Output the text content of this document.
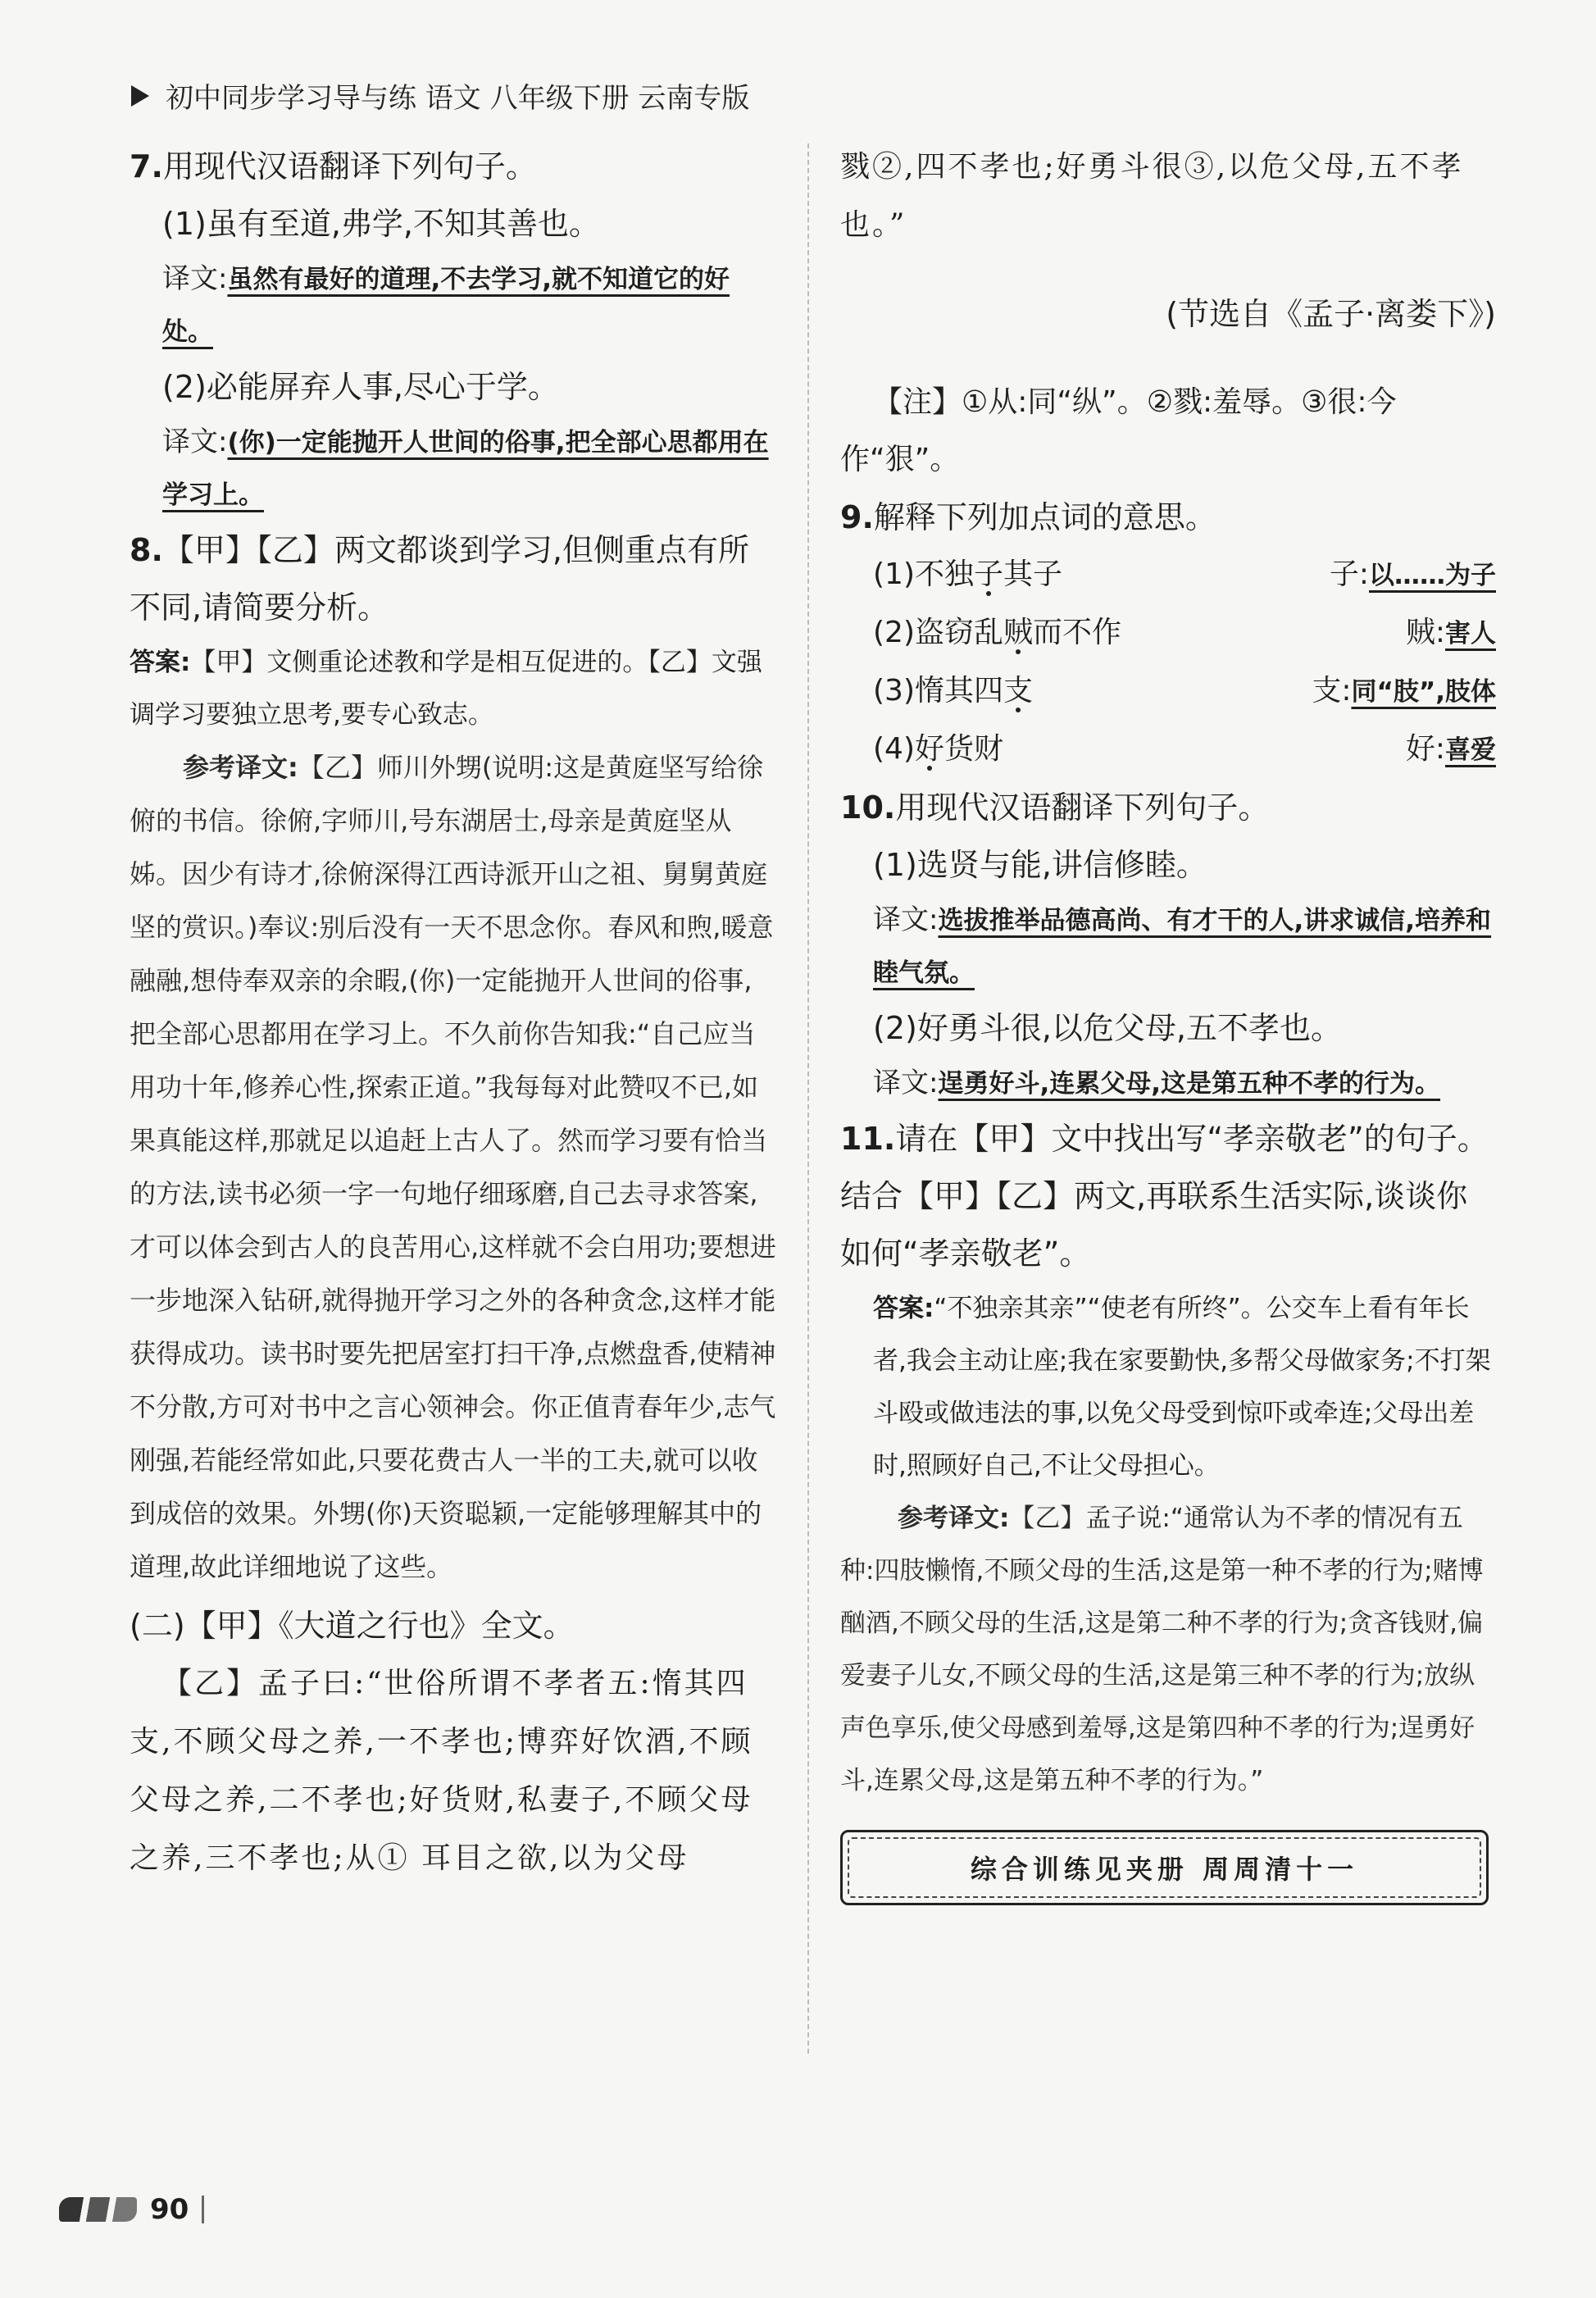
初中同步学习导与练 语文 八年级下册 云南专版
7.用现代汉语翻译下列句子。
(1)虽有至道,弗学,不知其善也。
译文:虽然有最好的道理,不去学习,就不知道它的好处。
(2)必能屏弃人事,尽心于学。
译文:(你)一定能抛开人世间的俗事,把全部心思都用在学习上。
8.【甲】【乙】两文都谈到学习,但侧重点有所不同,请简要分析。
答案:【甲】文侧重论述教和学是相互促进的。【乙】文强调学习要独立思考,要专心致志。

参考译文:【乙】师川外甥(说明:这是黄庭坚写给徐俯的书信。徐俯,字师川,号东湖居士,母亲是黄庭坚从姊。因少有诗才,徐俯深得江西诗派开山之祖、舅舅黄庭坚的赏识。)奉议:别后没有一天不思念你。春风和煦,暖意融融,想侍奉双亲的余暇,(你)一定能抛开人世间的俗事,把全部心思都用在学习上。不久前你告知我:“自己应当用功十年,修养心性,探索正道。”我每每对此赞叹不已,如果真能这样,那就足以追赶上古人了。然而学习要有恰当的方法,读书必须一字一句地仔细琢磨,自己去寻求答案,才可以体会到古人的良苦用心,这样就不会白用功;要想进一步地深入钻研,就得抛开学习之外的各种贪念,这样才能获得成功。读书时要先把居室打扫干净,点燃盘香,使精神不分散,方可对书中之言心领神会。你正值青春年少,志气刚强,若能经常如此,只要花费古人一半的工夫,就可以收到成倍的效果。外甥(你)天资聪颖,一定能够理解其中的道理,故此详细地说了这些。

(二)【甲】《大道之行也》全文。

【乙】孟子曰:“世俗所谓不孝者五:惰其四支,不顾父母之养,一不孝也;博弈好饮酒,不顾父母之养,二不孝也;好货财,私妻子,不顾父母之养,三不孝也;从① 耳目之欲,以为父母

戮②,四不孝也;好勇斗很③,以危父母,五不孝也。”

(节选自《孟子·离娄下》)

【注】①从:同“纵”。②戮:羞辱。③很:今作“狠”。

9.解释下列加点词的意思。
(1)不独子其子	子:以……为子
(2)盗窃乱贼而不作	贼:害人
(3)惰其四支	支:同“肢”,肢体
(4)好货财	好:喜爱
10.用现代汉语翻译下列句子。
(1)选贤与能,讲信修睦。
译文:选拔推举品德高尚、有才干的人,讲求诚信,培养和睦气氛。
(2)好勇斗很,以危父母,五不孝也。
译文:逞勇好斗,连累父母,这是第五种不孝的行为。
11.请在【甲】文中找出写“孝亲敬老”的句子。结合【甲】【乙】两文,再联系生活实际,谈谈你如何“孝亲敬老”。
答案:“不独亲其亲”“使老有所终”。公交车上看有年长者,我会主动让座;我在家要勤快,多帮父母做家务;不打架斗殴或做违法的事,以免父母受到惊吓或牵连;父母出差时,照顾好自己,不让父母担心。

参考译文:【乙】孟子说:“通常认为不孝的情况有五种:四肢懒惰,不顾父母的生活,这是第一种不孝的行为;赌博酗酒,不顾父母的生活,这是第二种不孝的行为;贪吝钱财,偏爱妻子儿女,不顾父母的生活,这是第三种不孝的行为;放纵声色享乐,使父母感到羞辱,这是第四种不孝的行为;逞勇好斗,连累父母,这是第五种不孝的行为。”

综合训练见夹册 周周清十一
90
